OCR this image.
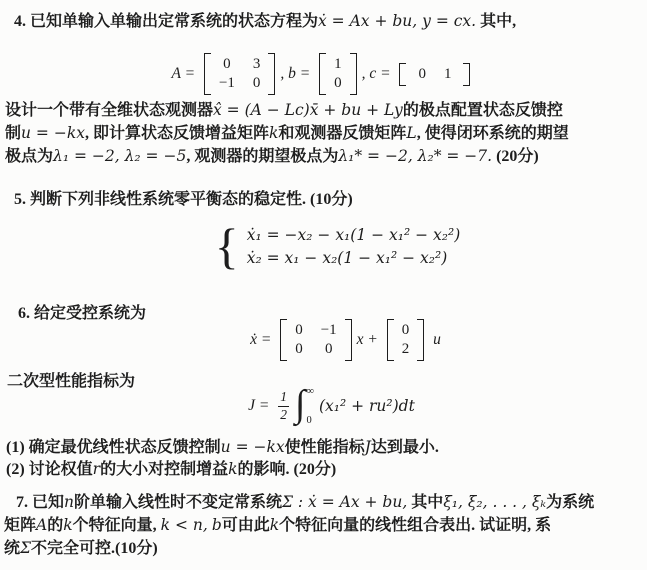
4. 已知单输入单输出定常系统的状态方程为ẋ = Ax + bu, y = cx. 其中,
A =
0 3
−1 0
, b =
1
0
, c = 0 1
设计一个带有全维状态观测器x̂ = (A − Lc)x̄ + bu + Ly的极点配置状态反馈控
制u = −kx, 即计算状态反馈增益矩阵k和观测器反馈矩阵L, 使得闭环系统的期望
极点为λ₁ = −2, λ₂ = −5, 观测器的期望极点为λ₁* = −2, λ₂* = −7. (20分)
5. 判断下列非线性系统零平衡态的稳定性. (10分)
{ ẋ₁ = −x₂ − x₁(1 − x₁² − x₂²)
ẋ₂ = x₁ − x₂(1 − x₁² − x₂²)
6. 给定受控系统为
ẋ =
0 −1
0 0
x +
0
2
u
二次型性能指标为
$J = \frac{1}{2}$ ∫ ∞
0
(x₁² + ru²)dt
(1) 确定最优线性状态反馈控制u = −kx使性能指标J达到最小.
(2) 讨论权值r的大小对控制增益k的影响. (20分)
7. 已知n阶单输入线性时不变定常系统Σ : ẋ = Ax + bu, 其中ξ₁, ξ₂, . . . , ξₖ为系统
矩阵A的k个特征向量, k < n, b可由此k个特征向量的线性组合表出. 试证明, 系
统Σ不完全可控.(10分)
